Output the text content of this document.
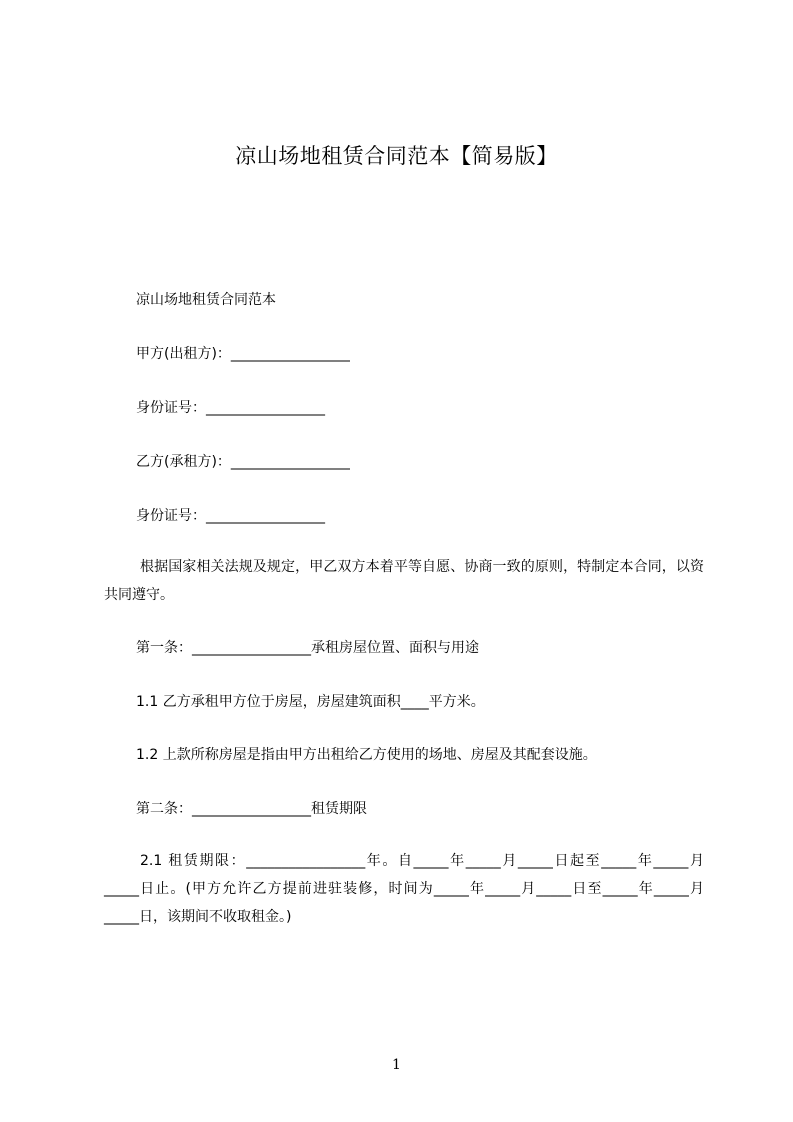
凉山场地租赁合同范本【简易版】
凉山场地租赁合同范本
甲方(出租方)：_________________
身份证号：_________________
乙方(承租方)：_________________
身份证号：_________________
根据国家相关法规及规定，甲乙双方本着平等自愿、协商一致的原则，特制定本合同，以资共同遵守。
第一条：_________________承租房屋位置、面积与用途
1.1 乙方承租甲方位于房屋，房屋建筑面积____平方米。
1.2 上款所称房屋是指由甲方出租给乙方使用的场地、房屋及其配套设施。
第二条：_________________租赁期限
2.1 租赁期限：_________________年。自_____年_____月_____日起至_____年_____月_____日止。(甲方允许乙方提前进驻装修，时间为_____年_____月_____日至_____年_____月_____日，该期间不收取租金。)
1
